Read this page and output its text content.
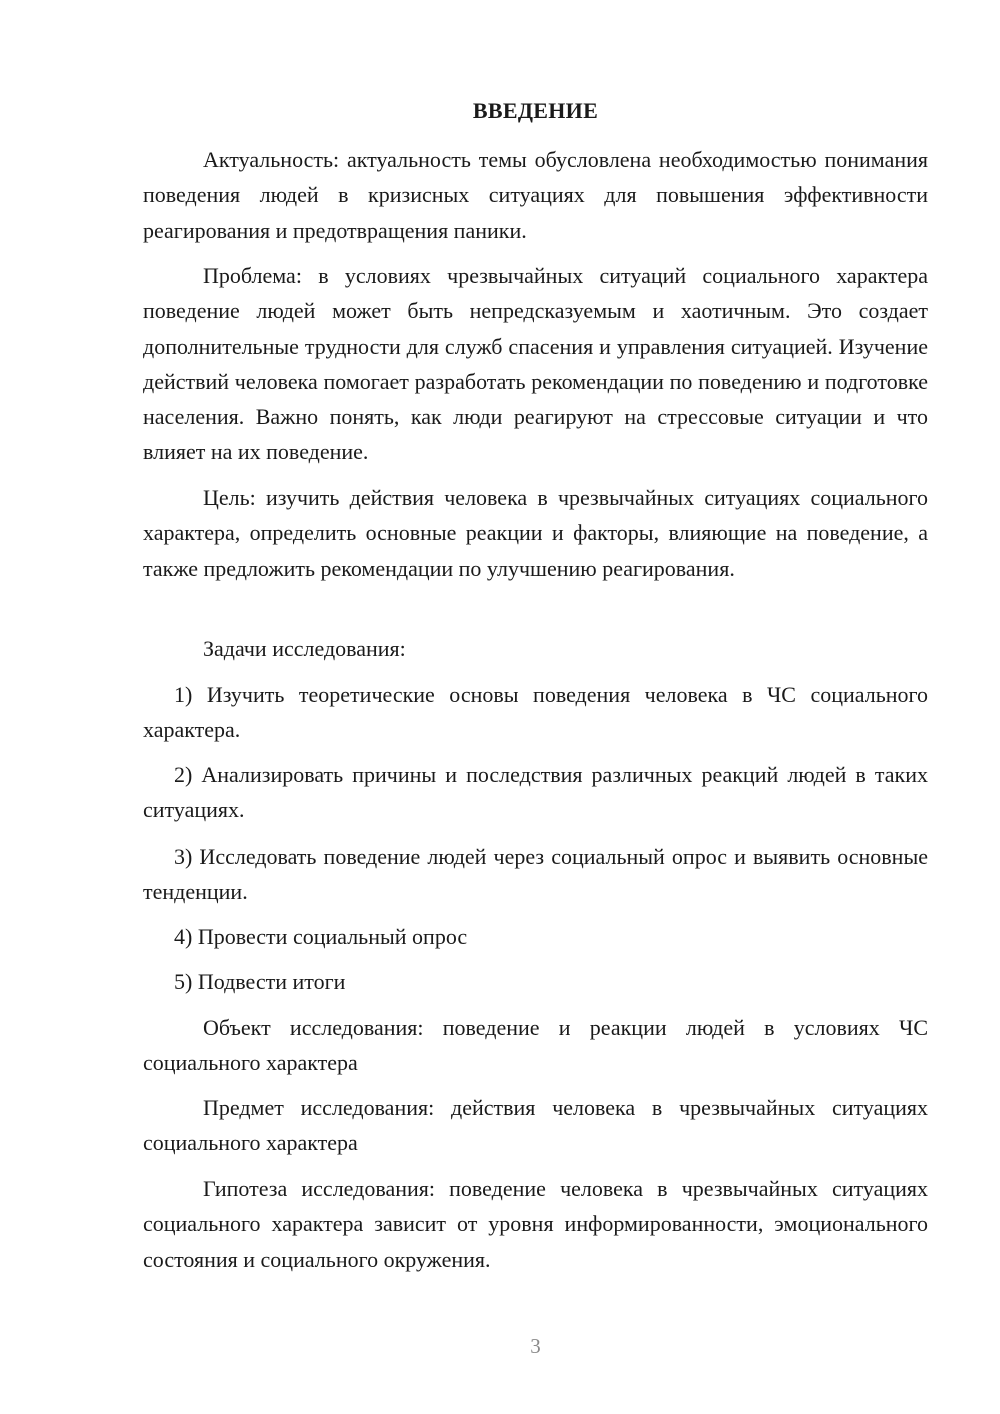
ВВЕДЕНИЕ

Актуальность: актуальность темы обусловлена необходимостью понимания поведения людей в кризисных ситуациях для повышения эффективности реагирования и предотвращения паники.

Проблема: в условиях чрезвычайных ситуаций социального характера поведение людей может быть непредсказуемым и хаотичным. Это создает дополнительные трудности для служб спасения и управления ситуацией. Изучение действий человека помогает разработать рекомендации по поведению и подготовке населения. Важно понять, как люди реагируют на стрессовые ситуации и что влияет на их поведение.

Цель: изучить действия человека в чрезвычайных ситуациях социального характера, определить основные реакции и факторы, влияющие на поведение, а также предложить рекомендации по улучшению реагирования.

Задачи исследования:

1) Изучить теоретические основы поведения человека в ЧС социального характера.

2) Анализировать причины и последствия различных реакций людей в таких ситуациях.

3) Исследовать поведение людей через социальный опрос и выявить основные тенденции.

4) Провести социальный опрос

5) Подвести итоги

Объект исследования: поведение и реакции людей в условиях ЧС социального характера

Предмет исследования: действия человека в чрезвычайных ситуациях социального характера

Гипотеза исследования: поведение человека в чрезвычайных ситуациях социального характера зависит от уровня информированности, эмоционального состояния и социального окружения.

3
